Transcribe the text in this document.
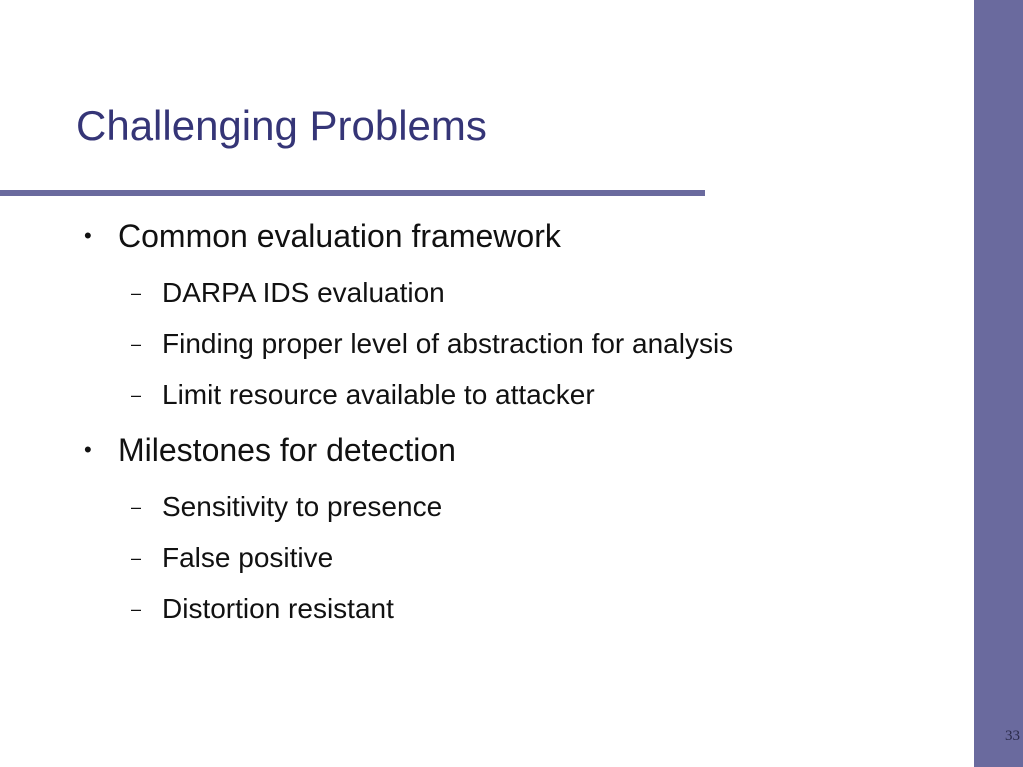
Challenging Problems
• Common evaluation framework
– DARPA IDS evaluation
– Finding proper level of abstraction for analysis
– Limit resource available to attacker
• Milestones for detection
– Sensitivity to presence
– False positive
– Distortion resistant
33
